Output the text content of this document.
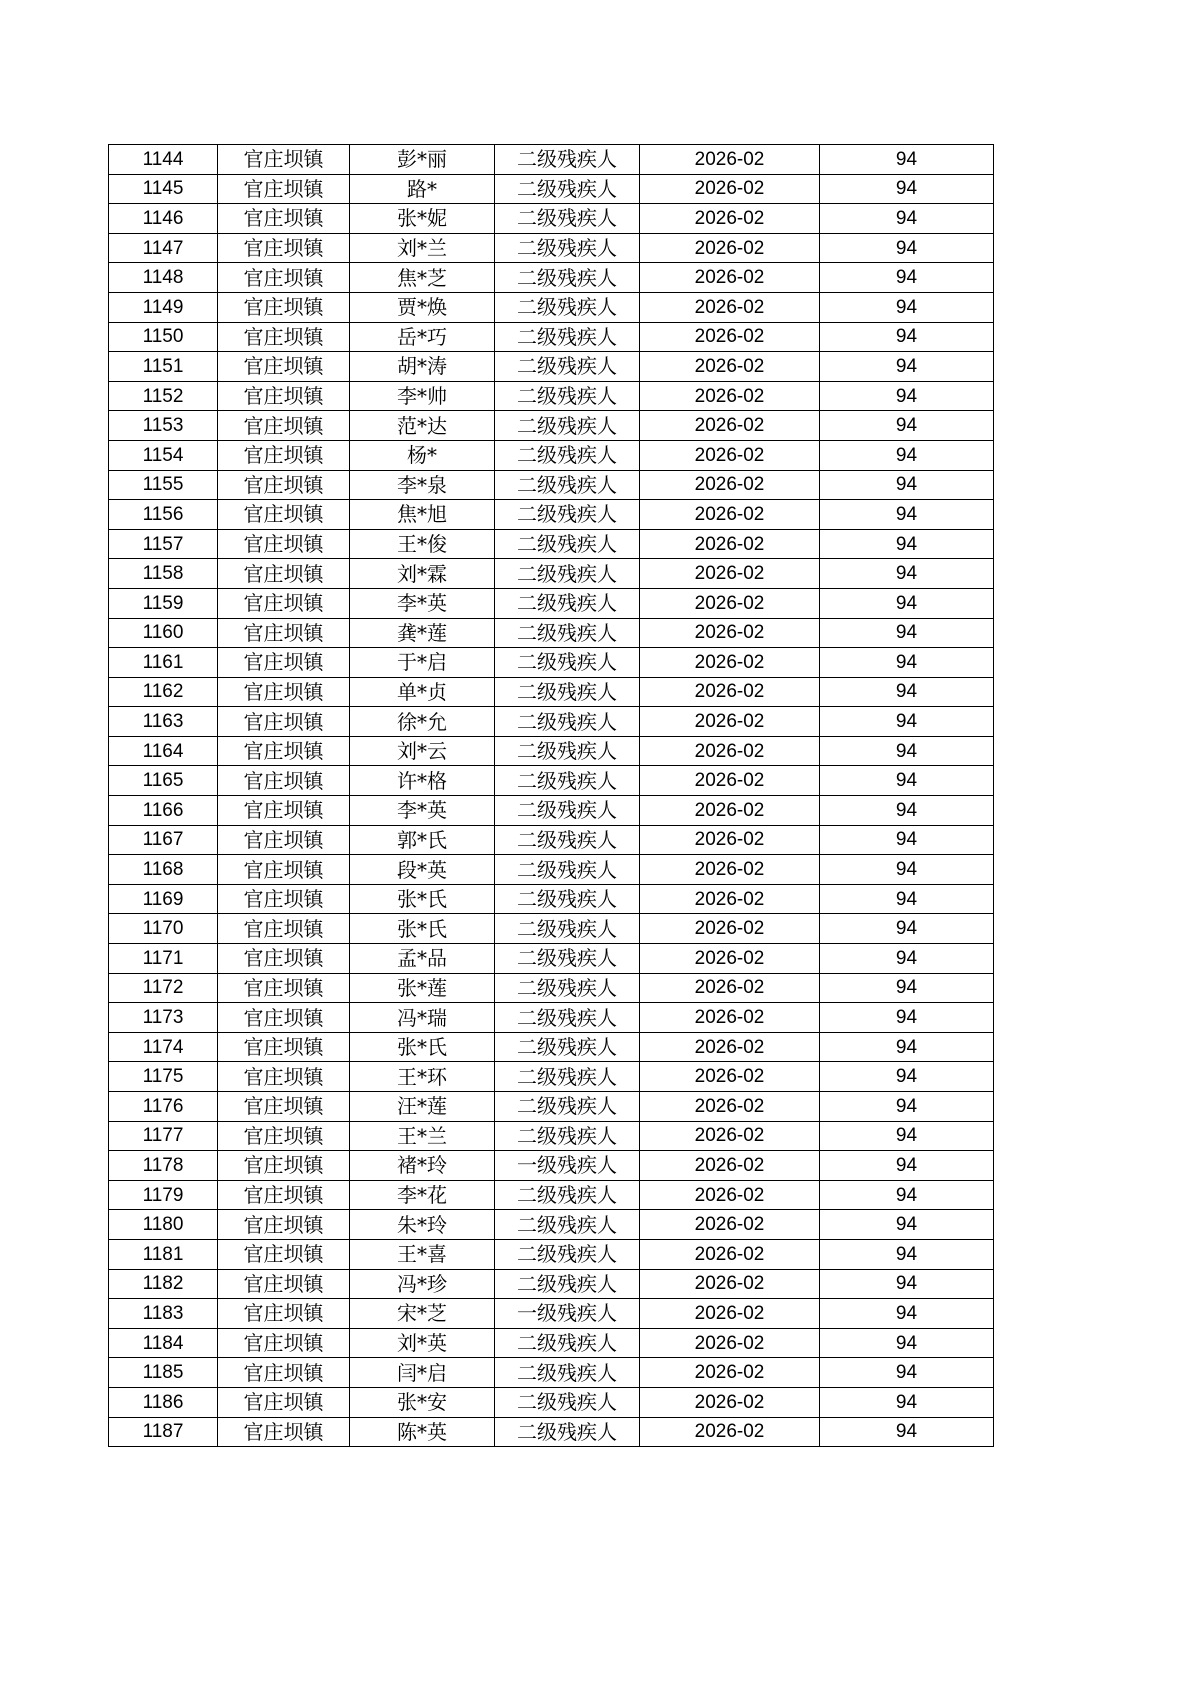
1144	官庄坝镇	彭*丽	二级残疾人	2026-02	94
1145	官庄坝镇	路*	二级残疾人	2026-02	94
1146	官庄坝镇	张*妮	二级残疾人	2026-02	94
1147	官庄坝镇	刘*兰	二级残疾人	2026-02	94
1148	官庄坝镇	焦*芝	二级残疾人	2026-02	94
1149	官庄坝镇	贾*焕	二级残疾人	2026-02	94
1150	官庄坝镇	岳*巧	二级残疾人	2026-02	94
1151	官庄坝镇	胡*涛	二级残疾人	2026-02	94
1152	官庄坝镇	李*帅	二级残疾人	2026-02	94
1153	官庄坝镇	范*达	二级残疾人	2026-02	94
1154	官庄坝镇	杨*	二级残疾人	2026-02	94
1155	官庄坝镇	李*泉	二级残疾人	2026-02	94
1156	官庄坝镇	焦*旭	二级残疾人	2026-02	94
1157	官庄坝镇	王*俊	二级残疾人	2026-02	94
1158	官庄坝镇	刘*霖	二级残疾人	2026-02	94
1159	官庄坝镇	李*英	二级残疾人	2026-02	94
1160	官庄坝镇	龚*莲	二级残疾人	2026-02	94
1161	官庄坝镇	于*启	二级残疾人	2026-02	94
1162	官庄坝镇	单*贞	二级残疾人	2026-02	94
1163	官庄坝镇	徐*允	二级残疾人	2026-02	94
1164	官庄坝镇	刘*云	二级残疾人	2026-02	94
1165	官庄坝镇	许*格	二级残疾人	2026-02	94
1166	官庄坝镇	李*英	二级残疾人	2026-02	94
1167	官庄坝镇	郭*氏	二级残疾人	2026-02	94
1168	官庄坝镇	段*英	二级残疾人	2026-02	94
1169	官庄坝镇	张*氏	二级残疾人	2026-02	94
1170	官庄坝镇	张*氏	二级残疾人	2026-02	94
1171	官庄坝镇	孟*品	二级残疾人	2026-02	94
1172	官庄坝镇	张*莲	二级残疾人	2026-02	94
1173	官庄坝镇	冯*瑞	二级残疾人	2026-02	94
1174	官庄坝镇	张*氏	二级残疾人	2026-02	94
1175	官庄坝镇	王*环	二级残疾人	2026-02	94
1176	官庄坝镇	汪*莲	二级残疾人	2026-02	94
1177	官庄坝镇	王*兰	二级残疾人	2026-02	94
1178	官庄坝镇	褚*玲	一级残疾人	2026-02	94
1179	官庄坝镇	李*花	二级残疾人	2026-02	94
1180	官庄坝镇	朱*玲	二级残疾人	2026-02	94
1181	官庄坝镇	王*喜	二级残疾人	2026-02	94
1182	官庄坝镇	冯*珍	二级残疾人	2026-02	94
1183	官庄坝镇	宋*芝	一级残疾人	2026-02	94
1184	官庄坝镇	刘*英	二级残疾人	2026-02	94
1185	官庄坝镇	闫*启	二级残疾人	2026-02	94
1186	官庄坝镇	张*安	二级残疾人	2026-02	94
1187	官庄坝镇	陈*英	二级残疾人	2026-02	94
